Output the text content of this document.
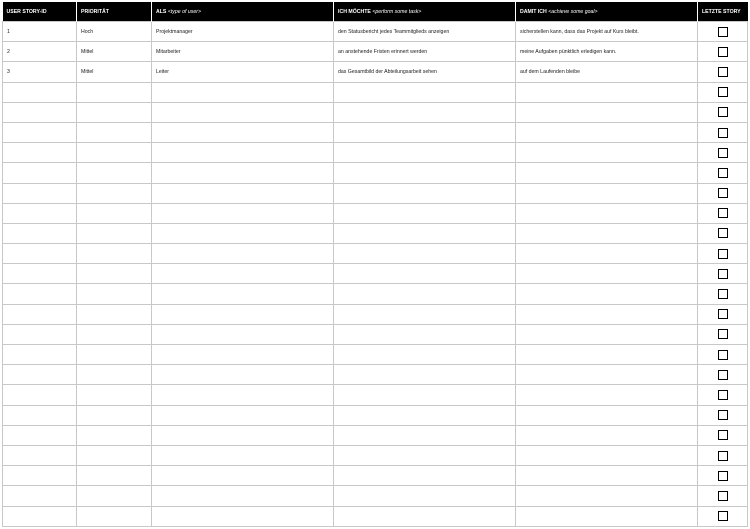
USER STORY-ID	PRIORITÄT	ALS <type of user>	ICH MÖCHTE <perform some task>	DAMIT ICH <achieve some goal>	LETZTE STORY
1	Hoch	Projektmanager	den Statusbericht jedes Teammitglieds anzeigen	sicherstellen kann, dass das Projekt auf Kurs bleibt.	
2	Mittel	Mitarbeiter	an anstehende Fristen erinnert werden	meine Aufgaben pünktlich erledigen kann.	
3	Mittel	Leiter	das Gesamtbild der Abteilungsarbeit sehen	auf dem Laufenden bleibe	
